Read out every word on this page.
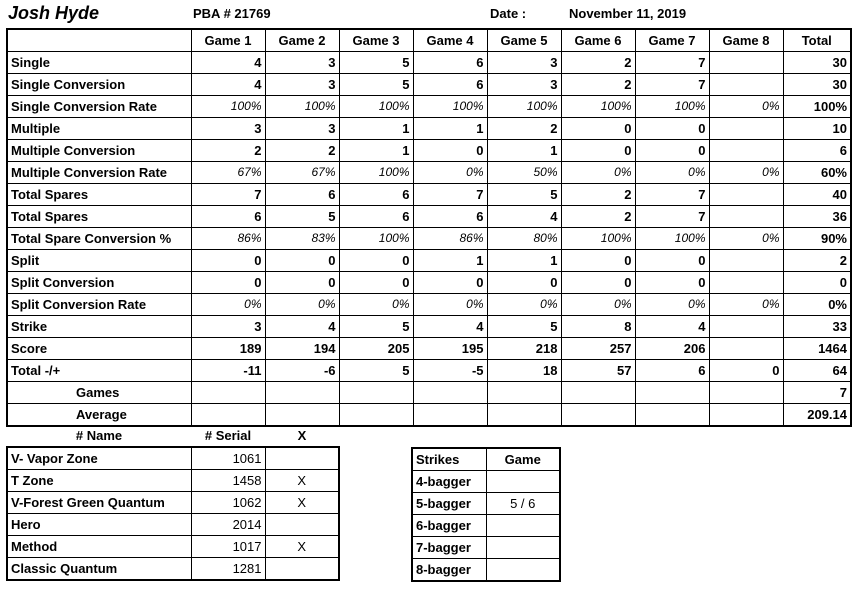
Josh Hyde	PBA # 21769	Date :	November 11, 2019
	Game 1	Game 2	Game 3	Game 4	Game 5	Game 6	Game 7	Game 8	Total
Single	4	3	5	6	3	2	7		30
Single Conversion	4	3	5	6	3	2	7		30
Single Conversion Rate	100%	100%	100%	100%	100%	100%	100%	0%	100%
Multiple	3	3	1	1	2	0	0		10
Multiple Conversion	2	2	1	0	1	0	0		6
Multiple Conversion Rate	67%	67%	100%	0%	50%	0%	0%	0%	60%
Total Spares	7	6	6	7	5	2	7		40
Total Spares	6	5	6	6	4	2	7		36
Total Spare Conversion %	86%	83%	100%	86%	80%	100%	100%	0%	90%
Split	0	0	0	1	1	0	0		2
Split Conversion	0	0	0	0	0	0	0		0
Split Conversion Rate	0%	0%	0%	0%	0%	0%	0%	0%	0%
Strike	3	4	5	4	5	8	4		33
Score	189	194	205	195	218	257	206		1464
Total -/+	-11	-6	5	-5	18	57	6	0	64
Games									7
Average									209.14
# Name	# Serial	X
V- Vapor Zone	1061	
T Zone	1458	X
V-Forest Green Quantum	1062	X
Hero	2014	
Method	1017	X
Classic Quantum	1281	
Strikes	Game
4-bagger	
5-bagger	5 / 6
6-bagger	
7-bagger	
8-bagger	
